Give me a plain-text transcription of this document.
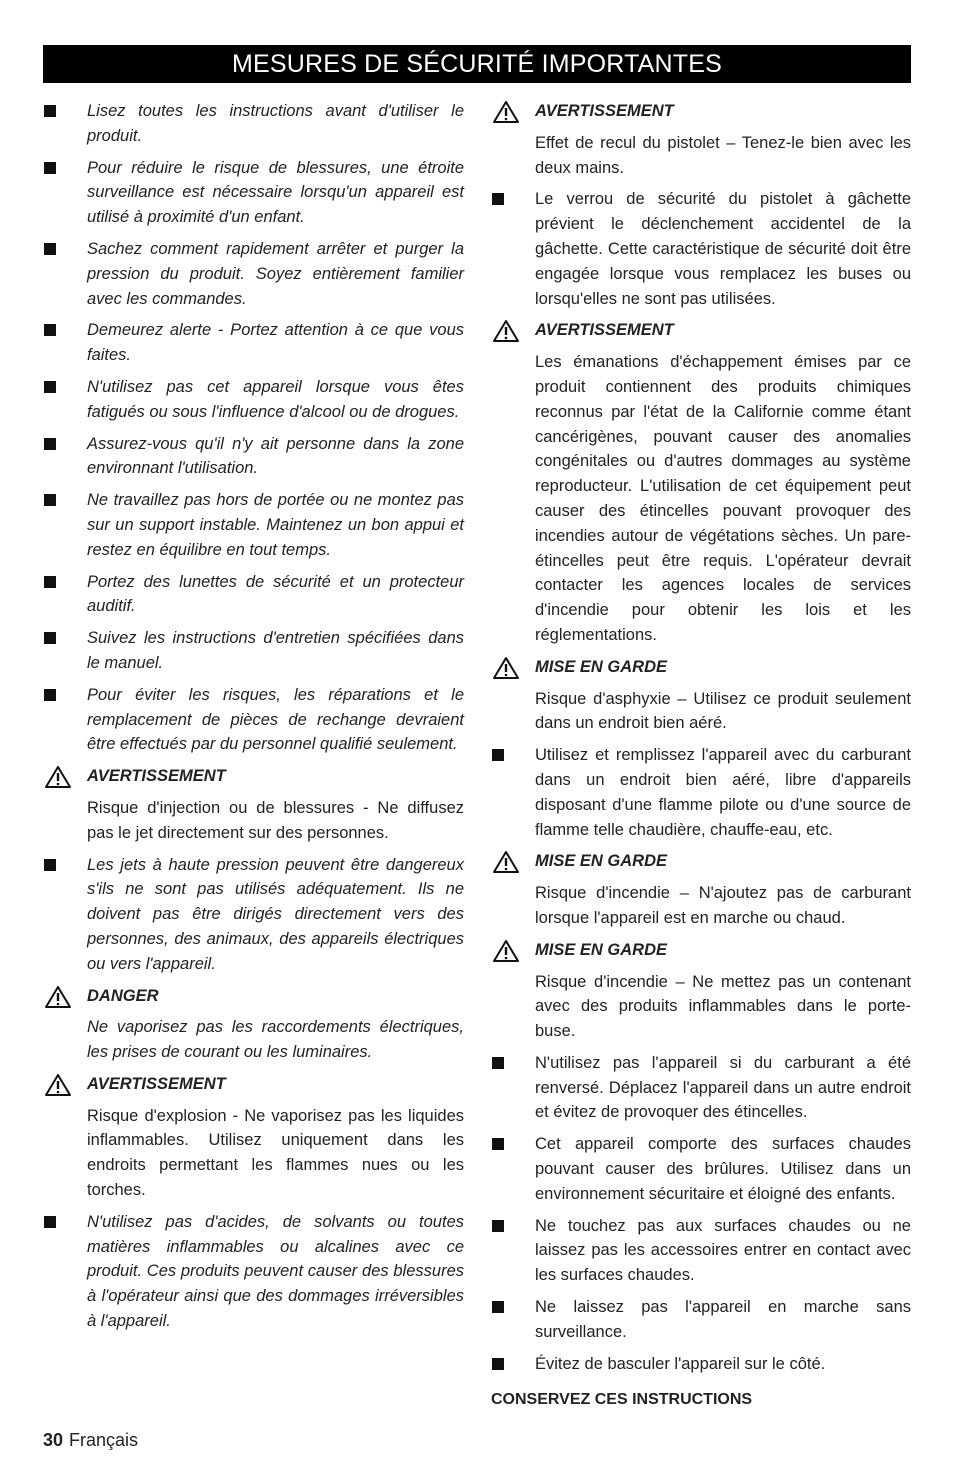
MESURES DE SÉCURITÉ IMPORTANTES
Lisez toutes les instructions avant d'utiliser le produit.
Pour réduire le risque de blessures, une étroite surveillance est nécessaire lorsqu'un appareil est utilisé à proximité d'un enfant.
Sachez comment rapidement arrêter et purger la pression du produit. Soyez entièrement familier avec les commandes.
Demeurez alerte - Portez attention à ce que vous faites.
N'utilisez pas cet appareil lorsque vous êtes fatigués ou sous l'influence d'alcool ou de drogues.
Assurez-vous qu'il n'y ait personne dans la zone environnant l'utilisation.
Ne travaillez pas hors de portée ou ne montez pas sur un support instable. Maintenez un bon appui et restez en équilibre en tout temps.
Portez des lunettes de sécurité et un protecteur auditif.
Suivez les instructions d'entretien spécifiées dans le manuel.
Pour éviter les risques, les réparations et le remplacement de pièces de rechange devraient être effectués par du personnel qualifié seulement.
AVERTISSEMENT
Risque d'injection ou de blessures - Ne diffusez pas le jet directement sur des personnes.
Les jets à haute pression peuvent être dangereux s'ils ne sont pas utilisés adéquatement. Ils ne doivent pas être dirigés directement vers des personnes, des animaux, des appareils électriques ou vers l'appareil.
DANGER
Ne vaporisez pas les raccordements électriques, les prises de courant ou les luminaires.
AVERTISSEMENT
Risque d'explosion - Ne vaporisez pas les liquides inflammables. Utilisez uniquement dans les endroits permettant les flammes nues ou les torches.
N'utilisez pas d'acides, de solvants ou toutes matières inflammables ou alcalines avec ce produit. Ces produits peuvent causer des blessures à l'opérateur ainsi que des dommages irréversibles à l'appareil.
AVERTISSEMENT
Effet de recul du pistolet – Tenez-le bien avec les deux mains.
Le verrou de sécurité du pistolet à gâchette prévient le déclenchement accidentel de la gâchette. Cette caractéristique de sécurité doit être engagée lorsque vous remplacez les buses ou lorsqu'elles ne sont pas utilisées.
AVERTISSEMENT
Les émanations d'échappement émises par ce produit contiennent des produits chimiques reconnus par l'état de la Californie comme étant cancérigènes, pouvant causer des anomalies congénitales ou d'autres dommages au système reproducteur. L'utilisation de cet équipement peut causer des étincelles pouvant provoquer des incendies autour de végétations sèches. Un pare-étincelles peut être requis. L'opérateur devrait contacter les agences locales de services d'incendie pour obtenir les lois et les réglementations.
MISE EN GARDE
Risque d'asphyxie – Utilisez ce produit seulement dans un endroit bien aéré.
Utilisez et remplissez l'appareil avec du carburant dans un endroit bien aéré, libre d'appareils disposant d'une flamme pilote ou d'une source de flamme telle chaudière, chauffe-eau, etc.
MISE EN GARDE
Risque d'incendie – N'ajoutez pas de carburant lorsque l'appareil est en marche ou chaud.
MISE EN GARDE
Risque d'incendie – Ne mettez pas un contenant avec des produits inflammables dans le porte-buse.
N'utilisez pas l'appareil si du carburant a été renversé. Déplacez l'appareil dans un autre endroit et évitez de provoquer des étincelles.
Cet appareil comporte des surfaces chaudes pouvant causer des brûlures. Utilisez dans un environnement sécuritaire et éloigné des enfants.
Ne touchez pas aux surfaces chaudes ou ne laissez pas les accessoires entrer en contact avec les surfaces chaudes.
Ne laissez pas l'appareil en marche sans surveillance.
Évitez de basculer l'appareil sur le côté.
CONSERVEZ CES INSTRUCTIONS
30 Français
